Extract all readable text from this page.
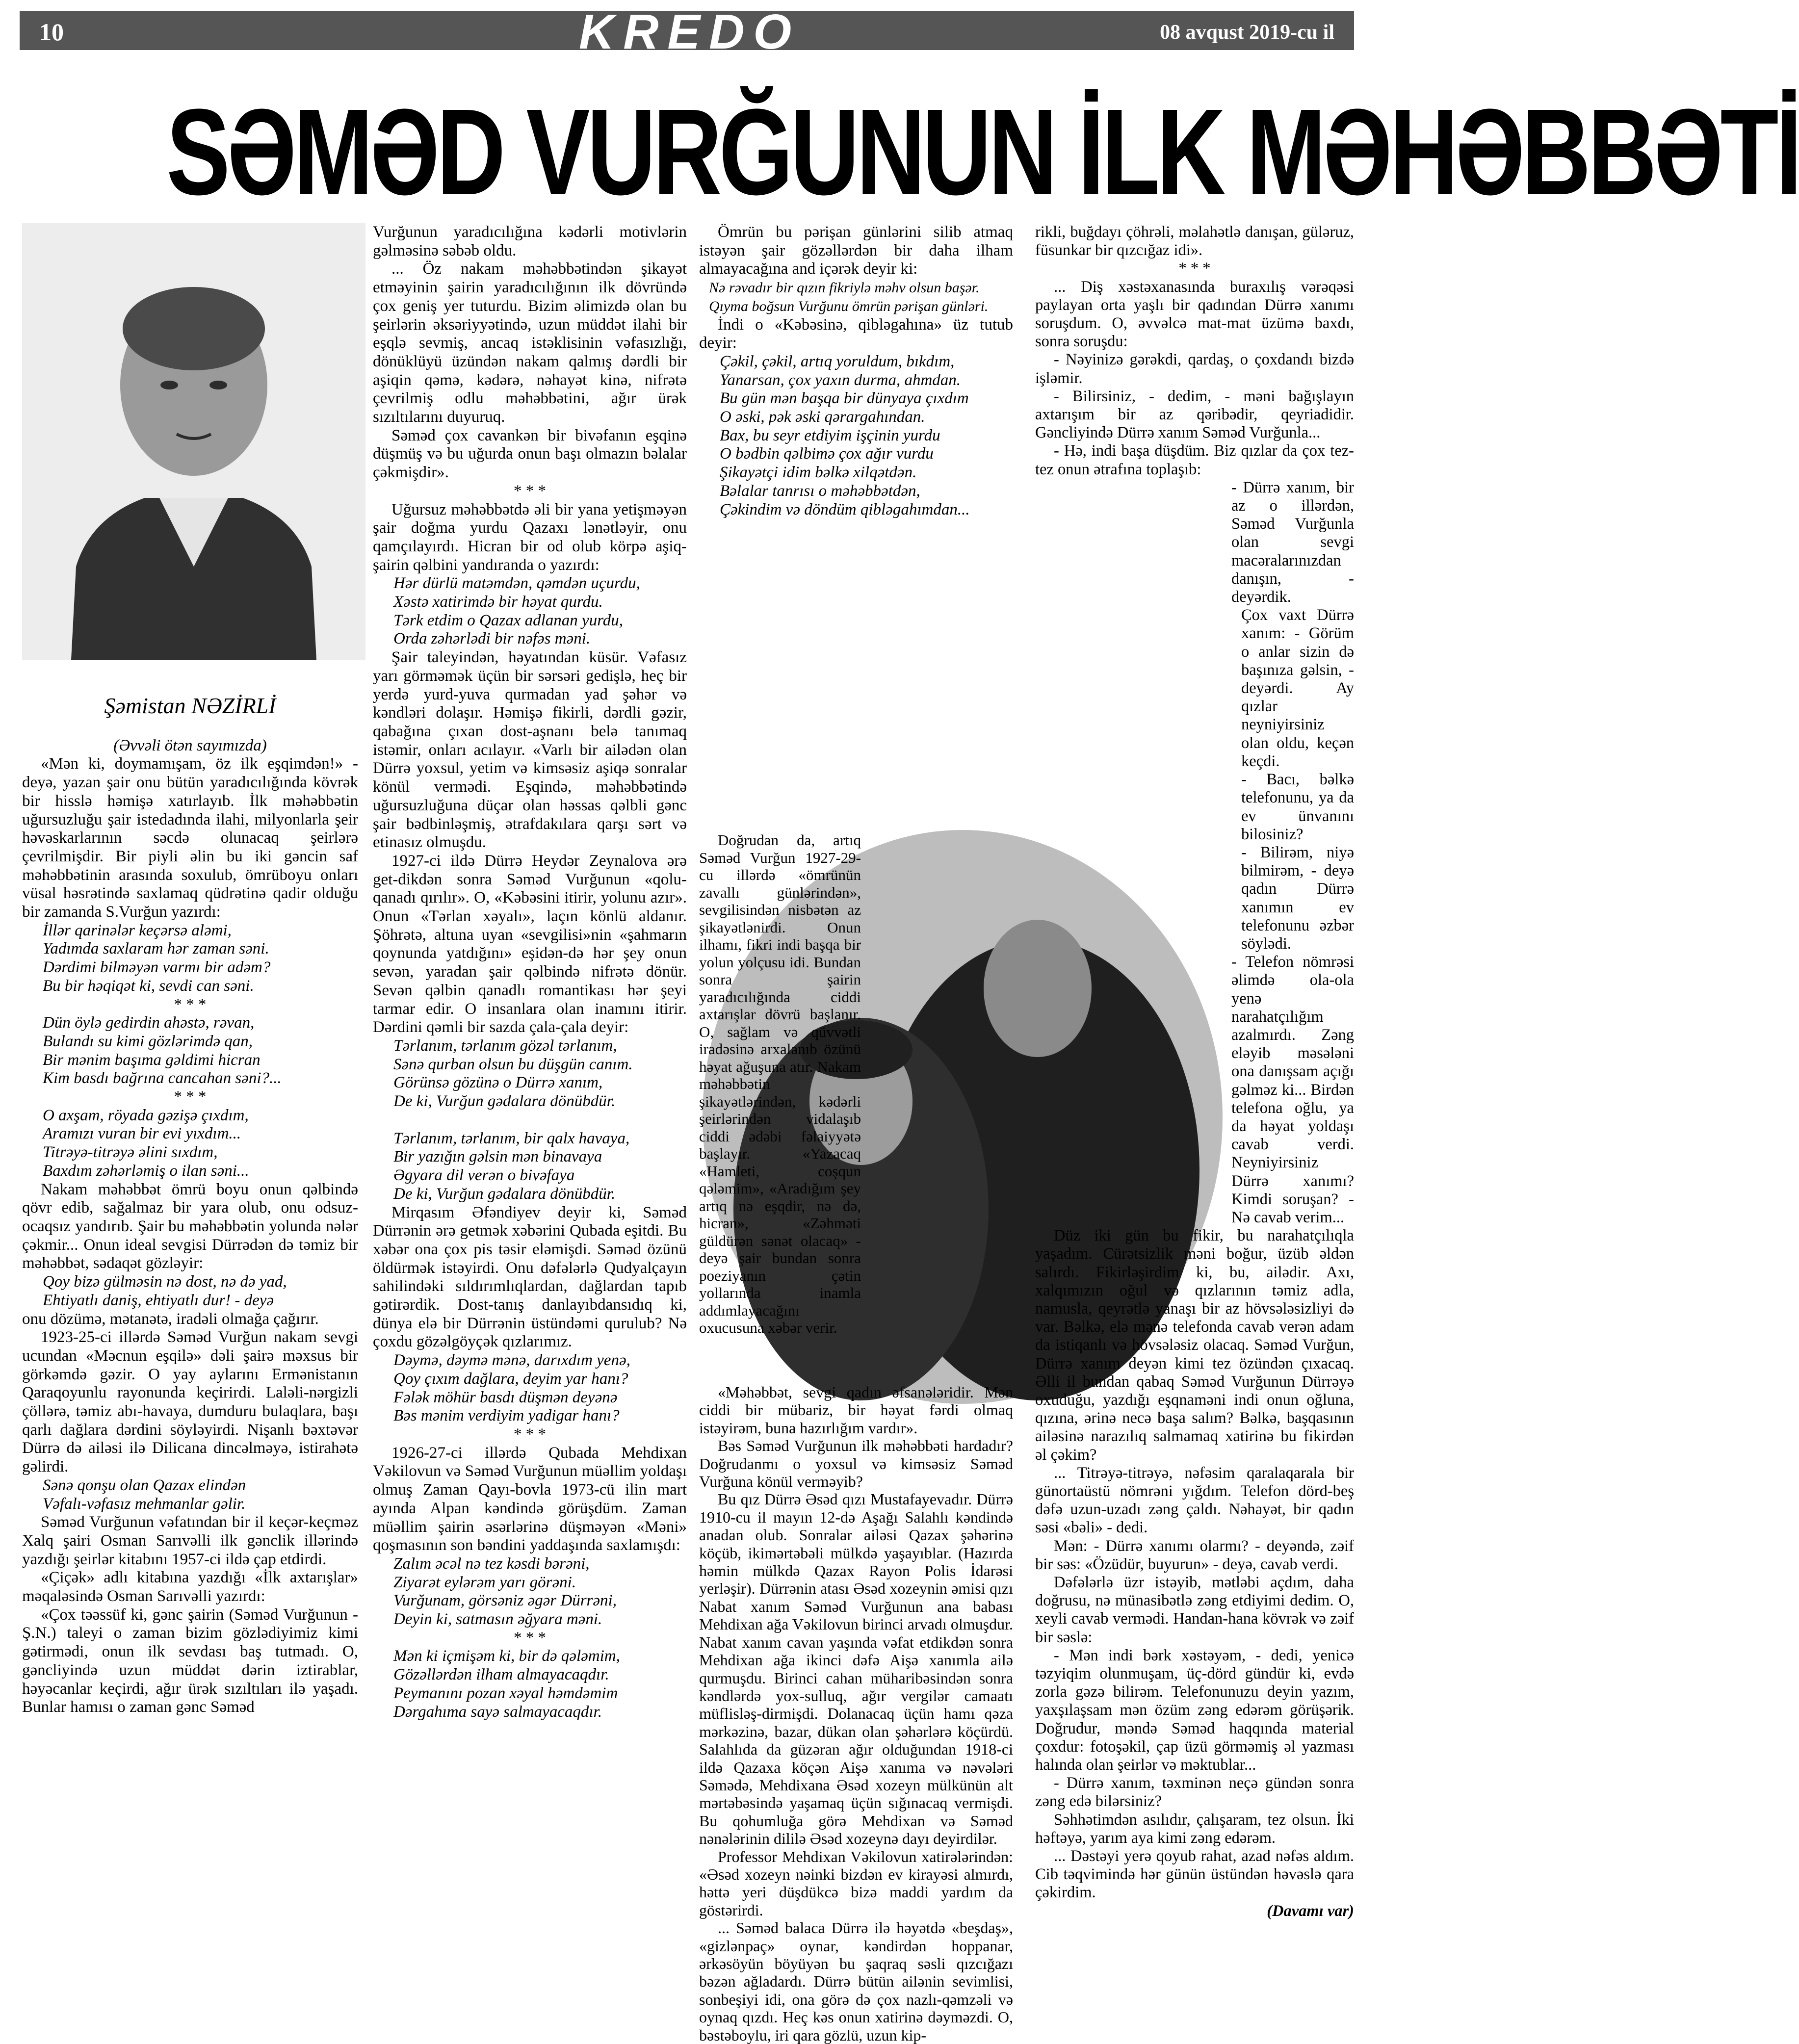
10	KREDO	08 avqust 2019-cu il
SƏMƏD VURĞUNUN İLK MƏHƏBBƏTİ

Şəmistan NƏZİRLİ

(Əvvəli ötən sayımızda)

«Mən ki, doymamışam, öz ilk eşqimdən!» - deyə, yazan şair onu bütün yaradıcılığında kövrək bir hisslə həmişə xatırlayıb. İlk məhəbbətin uğursuzluğu şair istedadında ilahi, milyonlarla şeir həvəskarlarının səcdə olunacaq şeirlərə çevrilmişdir. Bir piyli əlin bu iki gəncin saf məhəbbətinin arasında soxulub, ömrüboyu onları vüsal həsrətində saxlamaq qüdrətinə qadir olduğu bir zamanda S.Vurğun yazırdı:

İllər qarinələr keçərsə aləmi,
Yadımda saxlaram hər zaman səni.
Dərdimi bilməyən varmı bir adəm?
Bu bir həqiqət ki, sevdi can səni.

* * *

Dün öylə gedirdin ahəstə, rəvan,
Bulandı su kimi gözlərimdə qan,
Bir mənim başıma gəldimi hicran
Kim basdı bağrına cancahan səni?...

* * *

O axşam, röyada gəzişə çıxdım,
Aramızı vuran bir evi yıxdım...
Titrəyə-titrəyə əlini sıxdım,
Baxdım zəhərləmiş o ilan səni...

Nakam məhəbbət ömrü boyu onun qəlbində qövr edib, sağalmaz bir yara olub, onu odsuz-ocaqsız yandırıb. Şair bu məhəbbətin yolunda nələr çəkmir... Onun ideal sevgisi Dürrədən də təmiz bir məhəbbət, sədaqət gözləyir:

Qoy bizə gülməsin nə dost, nə də yad,
Ehtiyatlı daniş, ehtiyatlı dur! - deyə

onu dözümə, mətanətə, iradəli olmağa çağırır.

1923-25-ci illərdə Səməd Vurğun nakam sevgi ucundan «Məcnun eşqilə» dəli şairə məxsus bir görkəmdə gəzir. O yay aylarını Ermənistanın Qaraqoyunlu rayonunda keçirirdi. Laləli-nərgizli çöllərə, təmiz abı-havaya, dumduru bulaqlara, başı qarlı dağlara dərdini söyləyirdi. Nişanlı bəxtəvər Dürrə də ailəsi ilə Dilicana dincəlməyə, istirahətə gəlirdi.

Sənə qonşu olan Qazax elindən
Vəfalı-vəfasız mehmanlar gəlir.

Səməd Vurğunun vəfatından bir il keçər-keçməz Xalq şairi Osman Sarıvəlli ilk gənclik illərində yazdığı şeirlər kitabını 1957-ci ildə çap etdirdi.

«Çiçək» adlı kitabına yazdığı «İlk axtarışlar» məqaləsində Osman Sarıvəlli yazırdı:

«Çox təəssüf ki, gənc şairin (Səməd Vurğunun - Ş.N.) taleyi o zaman bizim gözlədiyimiz kimi gətirmədi, onun ilk sevdası baş tutmadı. O, gəncliyində uzun müddət dərin iztirablar, həyəcanlar keçirdi, ağır ürək sızıltıları ilə yaşadı. Bunlar hamısı o zaman gənc Səməd

Vurğunun yaradıcılığına kədərli motivlərin gəlməsinə səbəb oldu.

... Öz nakam məhəbbətindən şikayət etməyinin şairin yaradıcılığının ilk dövründə çox geniş yer tuturdu. Bizim əlimizdə olan bu şeirlərin əksəriyyətində, uzun müddət ilahi bir eşqlə sevmiş, ancaq istəklisinin vəfasızlığı, dönüklüyü üzündən nakam qalmış dərdli bir aşiqin qəmə, kədərə, nəhayət kinə, nifrətə çevrilmiş odlu məhəbbətini, ağır ürək sızıltılarını duyuruq.

Səməd çox cavankən bir bivəfanın eşqinə düşmüş və bu uğurda onun başı olmazın bəlalar çəkmişdir».

* * *

Uğursuz məhəbbətdə əli bir yana yetişməyən şair doğma yurdu Qazaxı lənətləyir, onu qamçılayırdı. Hicran bir od olub körpə aşiq-şairin qəlbini yandıranda o yazırdı:

Hər dürlü matəmdən, qəmdən uçurdu,
Xəstə xatirimdə bir həyat qurdu.
Tərk etdim o Qazax adlanan yurdu,
Orda zəhərlədi bir nəfəs məni.

Şair taleyindən, həyatından küsür. Vəfasız yarı görməmək üçün bir sərsəri gedişlə, heç bir yerdə yurd-yuva qurmadan yad şəhər və kəndləri dolaşır. Həmişə fikirli, dərdli gəzir, qabağına çıxan dost-aşnanı belə tanımaq istəmir, onları acılayır. «Varlı bir ailədən olan Dürrə yoxsul, yetim və kimsəsiz aşiqə sonralar könül vermədi. Eşqində, məhəbbətində uğursuzluğuna düçar olan həssas qəlbli gənc şair bədbinləşmiş, ətrafdakılara qarşı sərt və etinasız olmuşdu.

1927-ci ildə Dürrə Heydər Zeynalova ərə get-dikdən sonra Səməd Vurğunun «qolu-qanadı qırılır». O, «Kəbəsini itirir, yolunu azır». Onun «Tərlan xəyalı», laçın könlü aldanır. Şöhrətə, altuna uyan «sevgilisi»nin «şahmarın qoynunda yatdığını» eşidən-də hər şey onun sevən, yaradan şair qəlbində nifrətə dönür. Sevən qəlbin qanadlı romantikası hər şeyi tarmar edir. O insanlara olan inamını itirir. Dərdini qəmli bir sazda çala-çala deyir:

Tərlanım, tərlanım gözəl tərlanım,
Sənə qurban olsun bu düşgün canım.
Görünsə gözünə o Dürrə xanım,
De ki, Vurğun gədalara dönübdür.
Tərlanım, tərlanım, bir qalx havaya,
Bir yazığın gəlsin mən binavaya
Əgyara dil verən o bivəfaya
De ki, Vurğun gədalara dönübdür.

Mirqasım Əfəndiyev deyir ki, Səməd Dürrənin ərə getmək xəbərini Qubada eşitdi. Bu xəbər ona çox pis təsir eləmişdi. Səməd özünü öldürmək istəyirdi. Onu dəfələrlə Qudyalçayın sahilindəki sıldırımlıqlardan, dağlardan tapıb gətirərdik. Dost-tanış danlayıbdansıdıq ki, dünya elə bir Dürrənin üstündəmi qurulub? Nə çoxdu gözəlgöyçək qızlarımız.

Dəymə, dəymə mənə, darıxdım yenə,
Qoy çıxım dağlara, deyim yar hanı?
Fələk möhür basdı düşmən deyənə
Bəs mənim verdiyim yadigar hanı?

* * *

1926-27-ci illərdə Qubada Mehdixan Vəkilovun və Səməd Vurğunun müəllim yoldaşı olmuş Zaman Qayı-bovla 1973-cü ilin mart ayında Alpan kəndində görüşdüm. Zaman müəllim şairin əsərlərinə düşməyən «Məni» qoşmasının son bəndini yaddaşında saxlamışdı:

Zalım əcəl nə tez kəsdi bərəni,
Ziyarət eylərəm yarı görəni.
Vurğunam, görsəniz əgər Dürrəni,
Deyin ki, satmasın əğyara məni.

* * *

Mən ki içmişəm ki, bir də qələmim,
Gözəllərdən ilham almayacaqdır.
Peymanını pozan xəyal həmdəmim
Dərgahıma sayə salmayacaqdır.

Ömrün bu pərişan günlərini silib atmaq istəyən şair gözəllərdən bir daha ilham almayacağına and içərək deyir ki:

Nə rəvadır bir qızın fikriylə məhv olsun başər.
Qıyma boğsun Vurğunu ömrün pərişan günləri.

İndi o «Kəbəsinə, qibləgahına» üz tutub deyir:

Çəkil, çəkil, artıq yoruldum, bıkdım,
Yanarsan, çox yaxın durma, ahmdan.
Bu gün mən başqa bir dünyaya çıxdım
O əski, pək əski qərargahından.
Bax, bu seyr etdiyim işçinin yurdu
O bədbin qəlbimə çox ağır vurdu
Şikayətçi idim bəlkə xilqətdən.
Bəlalar tanrısı o məhəbbətdən,
Çəkindim və döndüm qibləgahımdan...

Doğrudan da, artıq Səməd Vurğun 1927-29-cu illərdə «ömrünün zavallı günlərindən», sevgilisindən nisbətən az şikayətlənirdi. Onun ilhamı, fikri indi başqa bir yolun yolçusu idi. Bundan sonra şairin yaradıcılığında ciddi axtarışlar dövrü başlanır. O, sağlam və qüvvətli iradəsinə arxalanıb özünü həyat ağuşuna atır. Nakam məhəbbətin şikayətlərindən, kədərli şeirlərindən vidalaşıb ciddi ədəbi fəlaiyyətə başlayır. «Yazacaq «Hamleti, coşqun qələmim», «Aradığım şey artıq nə eşqdir, nə də, hicran», «Zəhməti güldürən sənət olacaq» - deyə şair bundan sonra poeziyanın çətin yollarında inamla addımlayacağını oxucusuna xəbər verir.

«Məhəbbət, sevgi qadın əfsanələridir. Mən ciddi bir mübariz, bir həyat fərdi olmaq istəyirəm, buna hazırlığım vardır».

Bəs Səməd Vurğunun ilk məhəbbəti hardadır? Doğrudanmı o yoxsul və kimsəsiz Səməd Vurğuna könül verməyib?

Bu qız Dürrə Əsəd qızı Mustafayevadır. Dürrə 1910-cu il mayın 12-də Aşağı Salahlı kəndində anadan olub. Sonralar ailəsi Qazax şəhərinə köçüb, ikimərtəbəli mülkdə yaşayıblar. (Hazırda həmin mülkdə Qazax Rayon Polis İdarəsi yerləşir). Dürrənin atası Əsəd xozeynin əmisi qızı Nabat xanım Səməd Vurğunun ana babası Mehdixan ağa Vəkilovun birinci arvadı olmuşdur. Nabat xanım cavan yaşında vəfat etdikdən sonra Mehdixan ağa ikinci dəfə Aişə xanımla ailə qurmuşdu. Birinci cahan müharibəsindən sonra kəndlərdə yox-sulluq, ağır vergilər camaatı müflisləş-dirmişdi. Dolanacaq üçün hamı qəza mərkəzinə, bazar, dükan olan şəhərlərə köçürdü. Salahlıda da güzəran ağır olduğundan 1918-ci ildə Qazaxa köçən Aişə xanıma və nəvələri Səmədə, Mehdixana Əsəd xozeyn mülkünün alt mərtəbəsində yaşamaq üçün sığınacaq vermişdi. Bu qohumluğa görə Mehdixan və Səməd nənələrinin dililə Əsəd xozeynə dayı deyirdilər.

Professor Mehdixan Vəkilovun xatirələrindən: «Əsəd xozeyn nəinki bizdən ev kirayəsi almırdı, həttə yeri düşdükcə bizə maddi yardım da göstərirdi.

... Səməd balaca Dürrə ilə həyətdə «beşdaş», «gizlənpaç» oynar, kəndirdən hoppanar, ərkəsöyün böyüyən bu şaqraq səsli qızcığazı bəzən ağladardı. Dürrə bütün ailənin sevimlisi, sonbeşiyi idi, ona görə də çox nazlı-qəmzəli və oynaq qızdı. Heç kəs onun xatirinə dəyməzdi. O, bəstəboylu, iri qara gözlü, uzun kip-

rikli, buğdayı çöhrəli, məlahətlə danışan, güləruz, füsunkar bir qızcığaz idi».

* * *

... Diş xəstəxanasında buraxılış vərəqəsi paylayan orta yaşlı bir qadından Dürrə xanımı soruşdum. O, əvvəlcə mat-mat üzümə baxdı, sonra soruşdu:

- Nəyinizə gərəkdi, qardaş, o çoxdandı bizdə işləmir.

- Bilirsiniz, - dedim, - məni bağışlayın axtarışım bir az qəribədir, qeyriadidir. Gəncliyində Dürrə xanım Səməd Vurğunla...

- Hə, indi başa düşdüm. Biz qızlar da çox tez-tez onun ətrafına toplaşıb:

- Dürrə xanım, bir az o illərdən, Səməd Vurğunla olan sevgi macəralarınızdan danışın, - deyərdik.

Çox vaxt Dürrə xanım: - Görüm o anlar sizin də başınıza gəlsin, - deyərdi. Ay qızlar neyniyirsiniz olan oldu, keçən keçdi.

- Bacı, bəlkə telefonunu, ya da ev ünvanını bilosiniz?

- Bilirəm, niyə bilmirəm, - deyə qadın Dürrə xanımın ev telefonunu əzbər söylədi.

- Telefon nömrəsi əlimdə ola-ola yenə narahatçılığım azalmırdı. Zəng eləyib məsələni ona danışsam açığı gəlməz ki... Birdən telefona oğlu, ya da həyat yoldaşı cavab verdi. Neyniyirsiniz Dürrə xanımı? Kimdi soruşan? - Nə cavab verim...

Düz iki gün bu fikir, bu narahatçılıqla yaşadım. Cürətsizlik məni boğur, üzüb əldən salırdı. Fikirləşirdim ki, bu, ailədir. Axı, xalqımızın oğul və qızlarının təmiz adla, namusla, qeyrətlə yanaşı bir az hövsələsizliyi də var. Bəlkə, elə mənə telefonda cavab verən adam da istiqanlı və hövsələsiz olacaq. Səməd Vurğun, Dürrə xanım deyən kimi tez özündən çıxacaq. Əlli il bundan qabaq Səməd Vurğunun Dürrəyə oxuduğu, yazdığı eşqnaməni indi onun oğluna, qızına, ərinə necə başa salım? Bəlkə, başqasının ailəsinə narazılıq salmamaq xatirinə bu fikirdən əl çəkim?

... Titrəyə-titrəyə, nəfəsim qaralaqarala bir günortaüstü nömrəni yığdım. Telefon dörd-beş dəfə uzun-uzadı zəng çaldı. Nəhayət, bir qadın səsi «bəli» - dedi.

Mən: - Dürrə xanımı olarmı? - deyəndə, zəif bir səs: «Özüdür, buyurun» - deyə, cavab verdi.

Dəfələrlə üzr istəyib, mətləbi açdım, daha doğrusu, nə münasibətlə zəng etdiyimi dedim. O, xeyli cavab vermədi. Handan-hana kövrək və zəif bir səslə:

- Mən indi bərk xəstəyəm, - dedi, yenicə təzyiqim olunmuşam, üç-dörd gündür ki, evdə zorla gəzə bilirəm. Telefonunuzu deyin yazım, yaxşılaşsam mən özüm zəng edərəm görüşərik. Doğrudur, məndə Səməd haqqında material çoxdur: fotoşəkil, çap üzü görməmiş əl yazması halında olan şeirlər və məktublar...

- Dürrə xanım, təxminən neçə gündən sonra zəng edə bilərsiniz?

Səhhətimdən asılıdır, çalışaram, tez olsun. İki həftəyə, yarım aya kimi zəng edərəm.

... Dəstəyi yerə qoyub rahat, azad nəfəs aldım. Cib təqvimində hər günün üstündən həvəslə qara çəkirdim.

(Davamı var)
